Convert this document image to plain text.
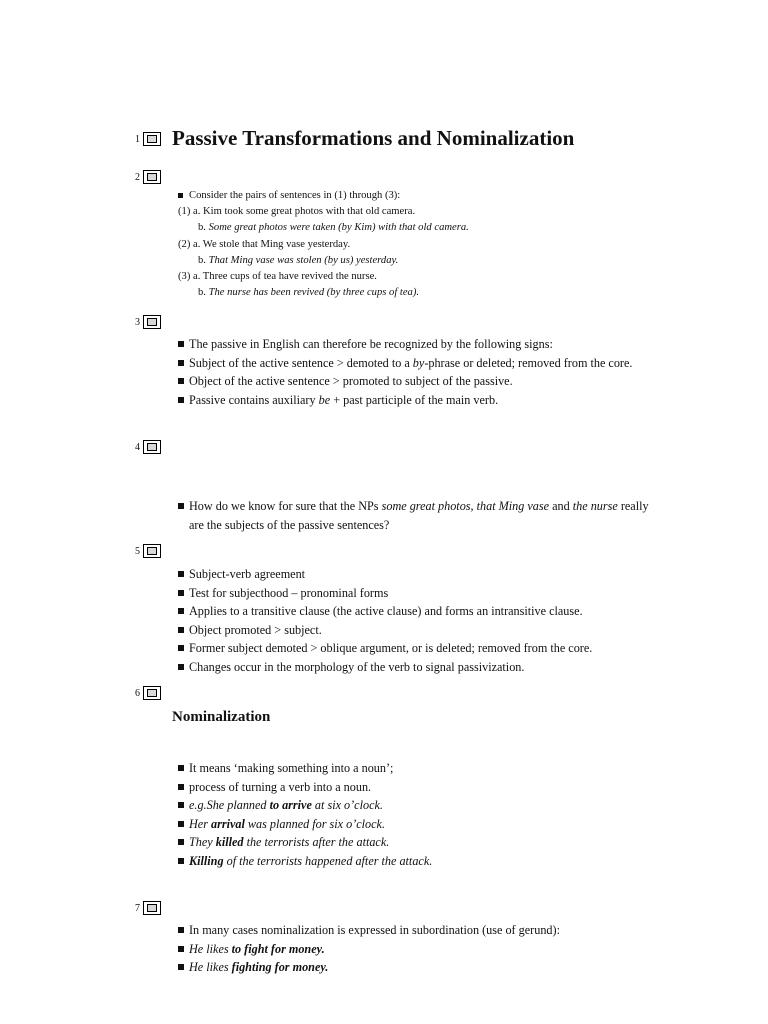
1
2
3
4
5
6
7
Passive Transformations and Nominalization
Consider the pairs of sentences in (1) through (3):
(1) a. Kim took some great photos with that old camera.
b. Some great photos were taken (by Kim) with that old camera.
(2) a. We stole that Ming vase yesterday.
b. That Ming vase was stolen (by us) yesterday.
(3) a. Three cups of tea have revived the nurse.
b. The nurse has been revived (by three cups of tea).
The passive in English can therefore be recognized by the following signs:
Subject of the active sentence > demoted to a by-phrase or deleted; removed from the core.
Object of the active sentence > promoted to subject of the passive.
Passive contains auxiliary be + past participle of the main verb.
How do we know for sure that the NPs some great photos, that Ming vase and the nurse really are the subjects of the passive sentences?
Subject-verb agreement
Test for subjecthood – pronominal forms
Applies to a transitive clause (the active clause) and forms an intransitive clause.
Object promoted > subject.
Former subject demoted > oblique argument, or is deleted; removed from the core.
Changes occur in the morphology of the verb to signal passivization.
Nominalization
It means ‘making something into a noun’;
process of turning a verb into a noun.
e.g.She planned to arrive at six o’clock.
Her arrival was planned for six o’clock.
They killed the terrorists after the attack.
Killing of the terrorists happened after the attack.
In many cases nominalization is expressed in subordination (use of gerund):
He likes to fight for money.
He likes fighting for money.
